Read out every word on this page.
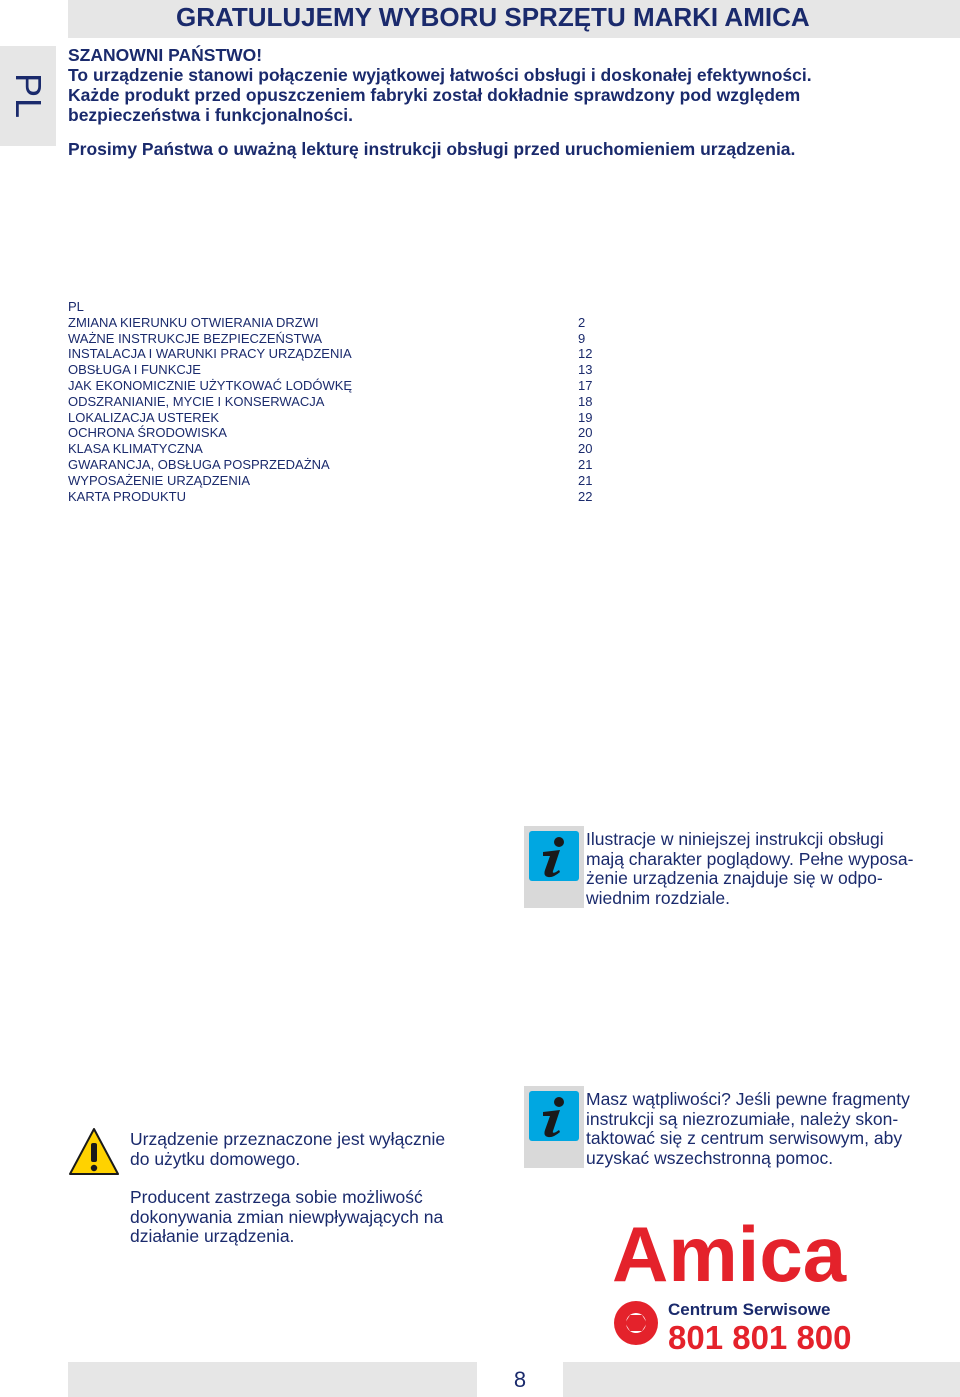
PL
GRATULUJEMY WYBORU SPRZĘTU MARKI AMICA

SZANOWNI PAŃSTWO!

To urządzenie stanowi połączenie wyjątkowej łatwości obsługi i doskonałej efektywności.

Każde produkt przed opuszczeniem fabryki został dokładnie sprawdzony pod względem

bezpieczeństwa i funkcjonalności.

Prosimy Państwa o uważną lekturę instrukcji obsługi przed uruchomieniem urządzenia.

PL
ZMIANA KIERUNKU OTWIERANIA DRZWI	2
WAŻNE INSTRUKCJE BEZPIECZEŃSTWA	9
INSTALACJA I WARUNKI PRACY URZĄDZENIA	12
OBSŁUGA I FUNKCJE	13
JAK EKONOMICZNIE UŻYTKOWAĆ LODÓWKĘ	17
ODSZRANIANIE, MYCIE I KONSERWACJA	18
LOKALIZACJA USTEREK	19
OCHRONA ŚRODOWISKA	20
KLASA KLIMATYCZNA	20
GWARANCJA, OBSŁUGA POSPRZEDAŻNA	21
WYPOSAŻENIE URZĄDZENIA	21
KARTA PRODUKTU	22
Ilustracje w niniejszej instrukcji obsługi
mają charakter poglądowy. Pełne wyposa-
żenie urządzenia znajduje się w odpo-
wiednim rozdziale.
Masz wątpliwości? Jeśli pewne fragmenty
instrukcji są niezrozumiałe, należy skon-
taktować się z centrum serwisowym, aby
uzyskać wszechstronną pomoc.
Urządzenie przeznaczone jest wyłącznie
do użytku domowego.
Producent zastrzega sobie możliwość
dokonywania zmian niewpływających na
działanie urządzenia.	Amica
Centrum Serwisowe
801 801 800
8
